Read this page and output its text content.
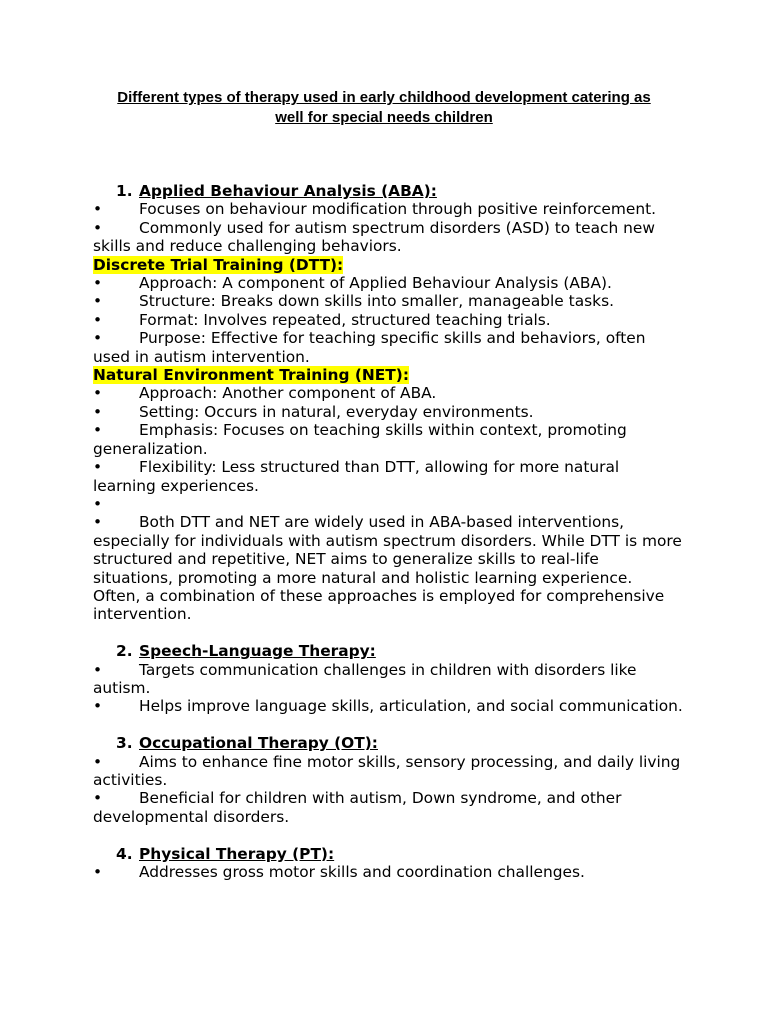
Different types of therapy used in early childhood development catering as
well for special needs children
1. Applied Behaviour Analysis (ABA):
• Focuses on behaviour modification through positive reinforcement.
• Commonly used for autism spectrum disorders (ASD) to teach new skills and reduce challenging behaviors.
Discrete Trial Training (DTT):
• Approach: A component of Applied Behaviour Analysis (ABA).
• Structure: Breaks down skills into smaller, manageable tasks.
• Format: Involves repeated, structured teaching trials.
• Purpose: Effective for teaching specific skills and behaviors, often used in autism intervention.
Natural Environment Training (NET):
• Approach: Another component of ABA.
• Setting: Occurs in natural, everyday environments.
• Emphasis: Focuses on teaching skills within context, promoting generalization.
• Flexibility: Less structured than DTT, allowing for more natural learning experiences.
•
• Both DTT and NET are widely used in ABA-based interventions, especially for individuals with autism spectrum disorders. While DTT is more structured and repetitive, NET aims to generalize skills to real-life situations, promoting a more natural and holistic learning experience. Often, a combination of these approaches is employed for comprehensive intervention.
2. Speech-Language Therapy:
• Targets communication challenges in children with disorders like autism.
• Helps improve language skills, articulation, and social communication.
3. Occupational Therapy (OT):
• Aims to enhance fine motor skills, sensory processing, and daily living activities.
• Beneficial for children with autism, Down syndrome, and other developmental disorders.
4. Physical Therapy (PT):
• Addresses gross motor skills and coordination challenges.
